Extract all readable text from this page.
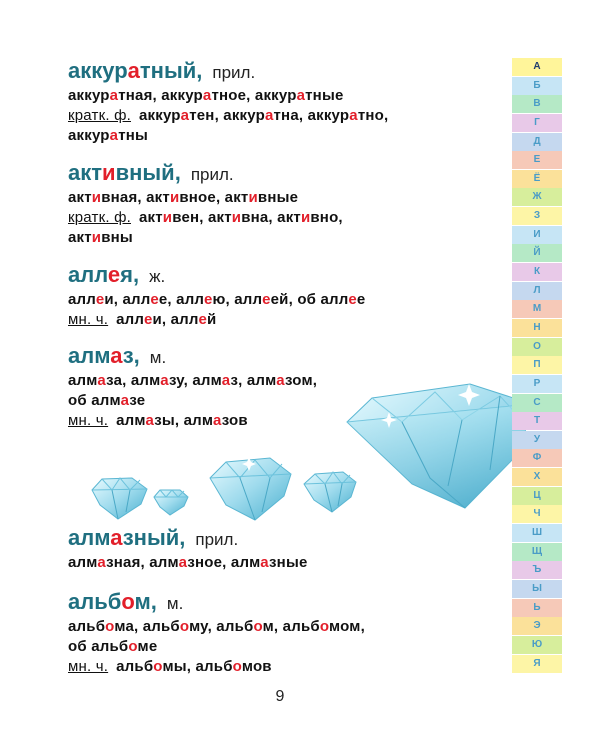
аккуратный, прил.
аккуратная, аккуратное, аккуратные
кратк. ф. аккуратен, аккуратна, аккуратно,
аккуратны
активный, прил.
активная, активное, активные
кратк. ф. активен, активна, активно,
активны
аллея, ж.
аллеи, аллее, аллею, аллеей, об аллее
мн. ч. аллеи, аллей
алмаз, м.
алмаза, алмазу, алмаз, алмазом,
об алмазе
мн. ч. алмазы, алмазов
алмазный, прил.
алмазная, алмазное, алмазные
альбом, м.
альбома, альбому, альбом, альбомом,
об альбоме
мн. ч. альбомы, альбомов
9
А
Б
В
Г
Д
Е
Ё
Ж
З
И
Й
К
Л
М
Н
О
П
Р
С
Т
У
Ф
Х
Ц
Ч
Ш
Щ
Ъ
Ы
Ь
Э
Ю
Я
